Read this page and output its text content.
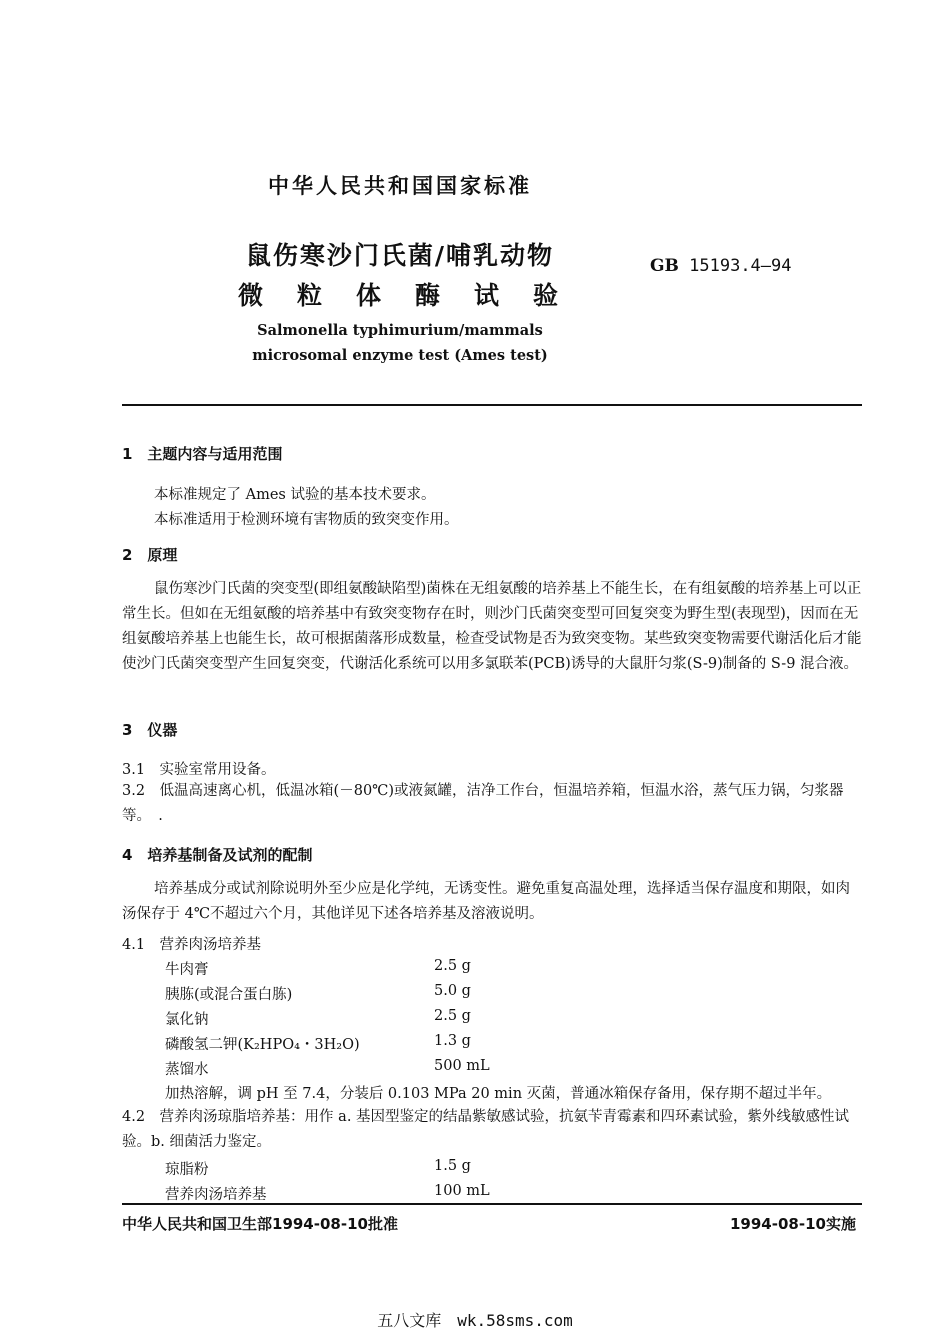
中华人民共和国国家标准
鼠伤寒沙门氏菌/哺乳动物
微粒体酶试验
GB 15193.4—94
Salmonella typhimurium/mammals
microsomal enzyme test (Ames test)
1　主题内容与适用范围
本标准规定了 Ames 试验的基本技术要求。
本标准适用于检测环境有害物质的致突变作用。
2　原理
鼠伤寒沙门氏菌的突变型(即组氨酸缺陷型)菌株在无组氨酸的培养基上不能生长，在有组氨酸的培养基上可以正常生长。但如在无组氨酸的培养基中有致突变物存在时，则沙门氏菌突变型可回复突变为野生型(表现型)，因而在无组氨酸培养基上也能生长，故可根据菌落形成数量，检查受试物是否为致突变物。某些致突变物需要代谢活化后才能使沙门氏菌突变型产生回复突变，代谢活化系统可以用多氯联苯(PCB)诱导的大鼠肝匀浆(S-9)制备的 S-9 混合液。
3　仪器
3.1　实验室常用设备。
3.2　低温高速离心机，低温冰箱(－80℃)或液氮罐，洁净工作台，恒温培养箱，恒温水浴，蒸气压力锅，匀浆器等。　.
4　培养基制备及试剂的配制
培养基成分或试剂除说明外至少应是化学纯，无诱变性。避免重复高温处理，选择适当保存温度和期限，如肉汤保存于 4℃不超过六个月，其他详见下述各培养基及溶液说明。
4.1　营养肉汤培养基
牛肉膏	2.5 g
胰胨(或混合蛋白胨)	5.0 g
氯化钠	2.5 g
磷酸氢二钾(K₂HPO₄・3H₂O)	1.3 g
蒸馏水	500 mL
加热溶解，调 pH 至 7.4，分装后 0.103 MPa 20 min 灭菌，普通冰箱保存备用，保存期不超过半年。
4.2　营养肉汤琼脂培养基：用作 a. 基因型鉴定的结晶紫敏感试验，抗氨苄青霉素和四环素试验，紫外线敏感性试验。b. 细菌活力鉴定。
琼脂粉	1.5 g
营养肉汤培养基	100 mL
中华人民共和国卫生部1994-08-10批准	1994-08-10实施
五八文库　wk.58sms.com
